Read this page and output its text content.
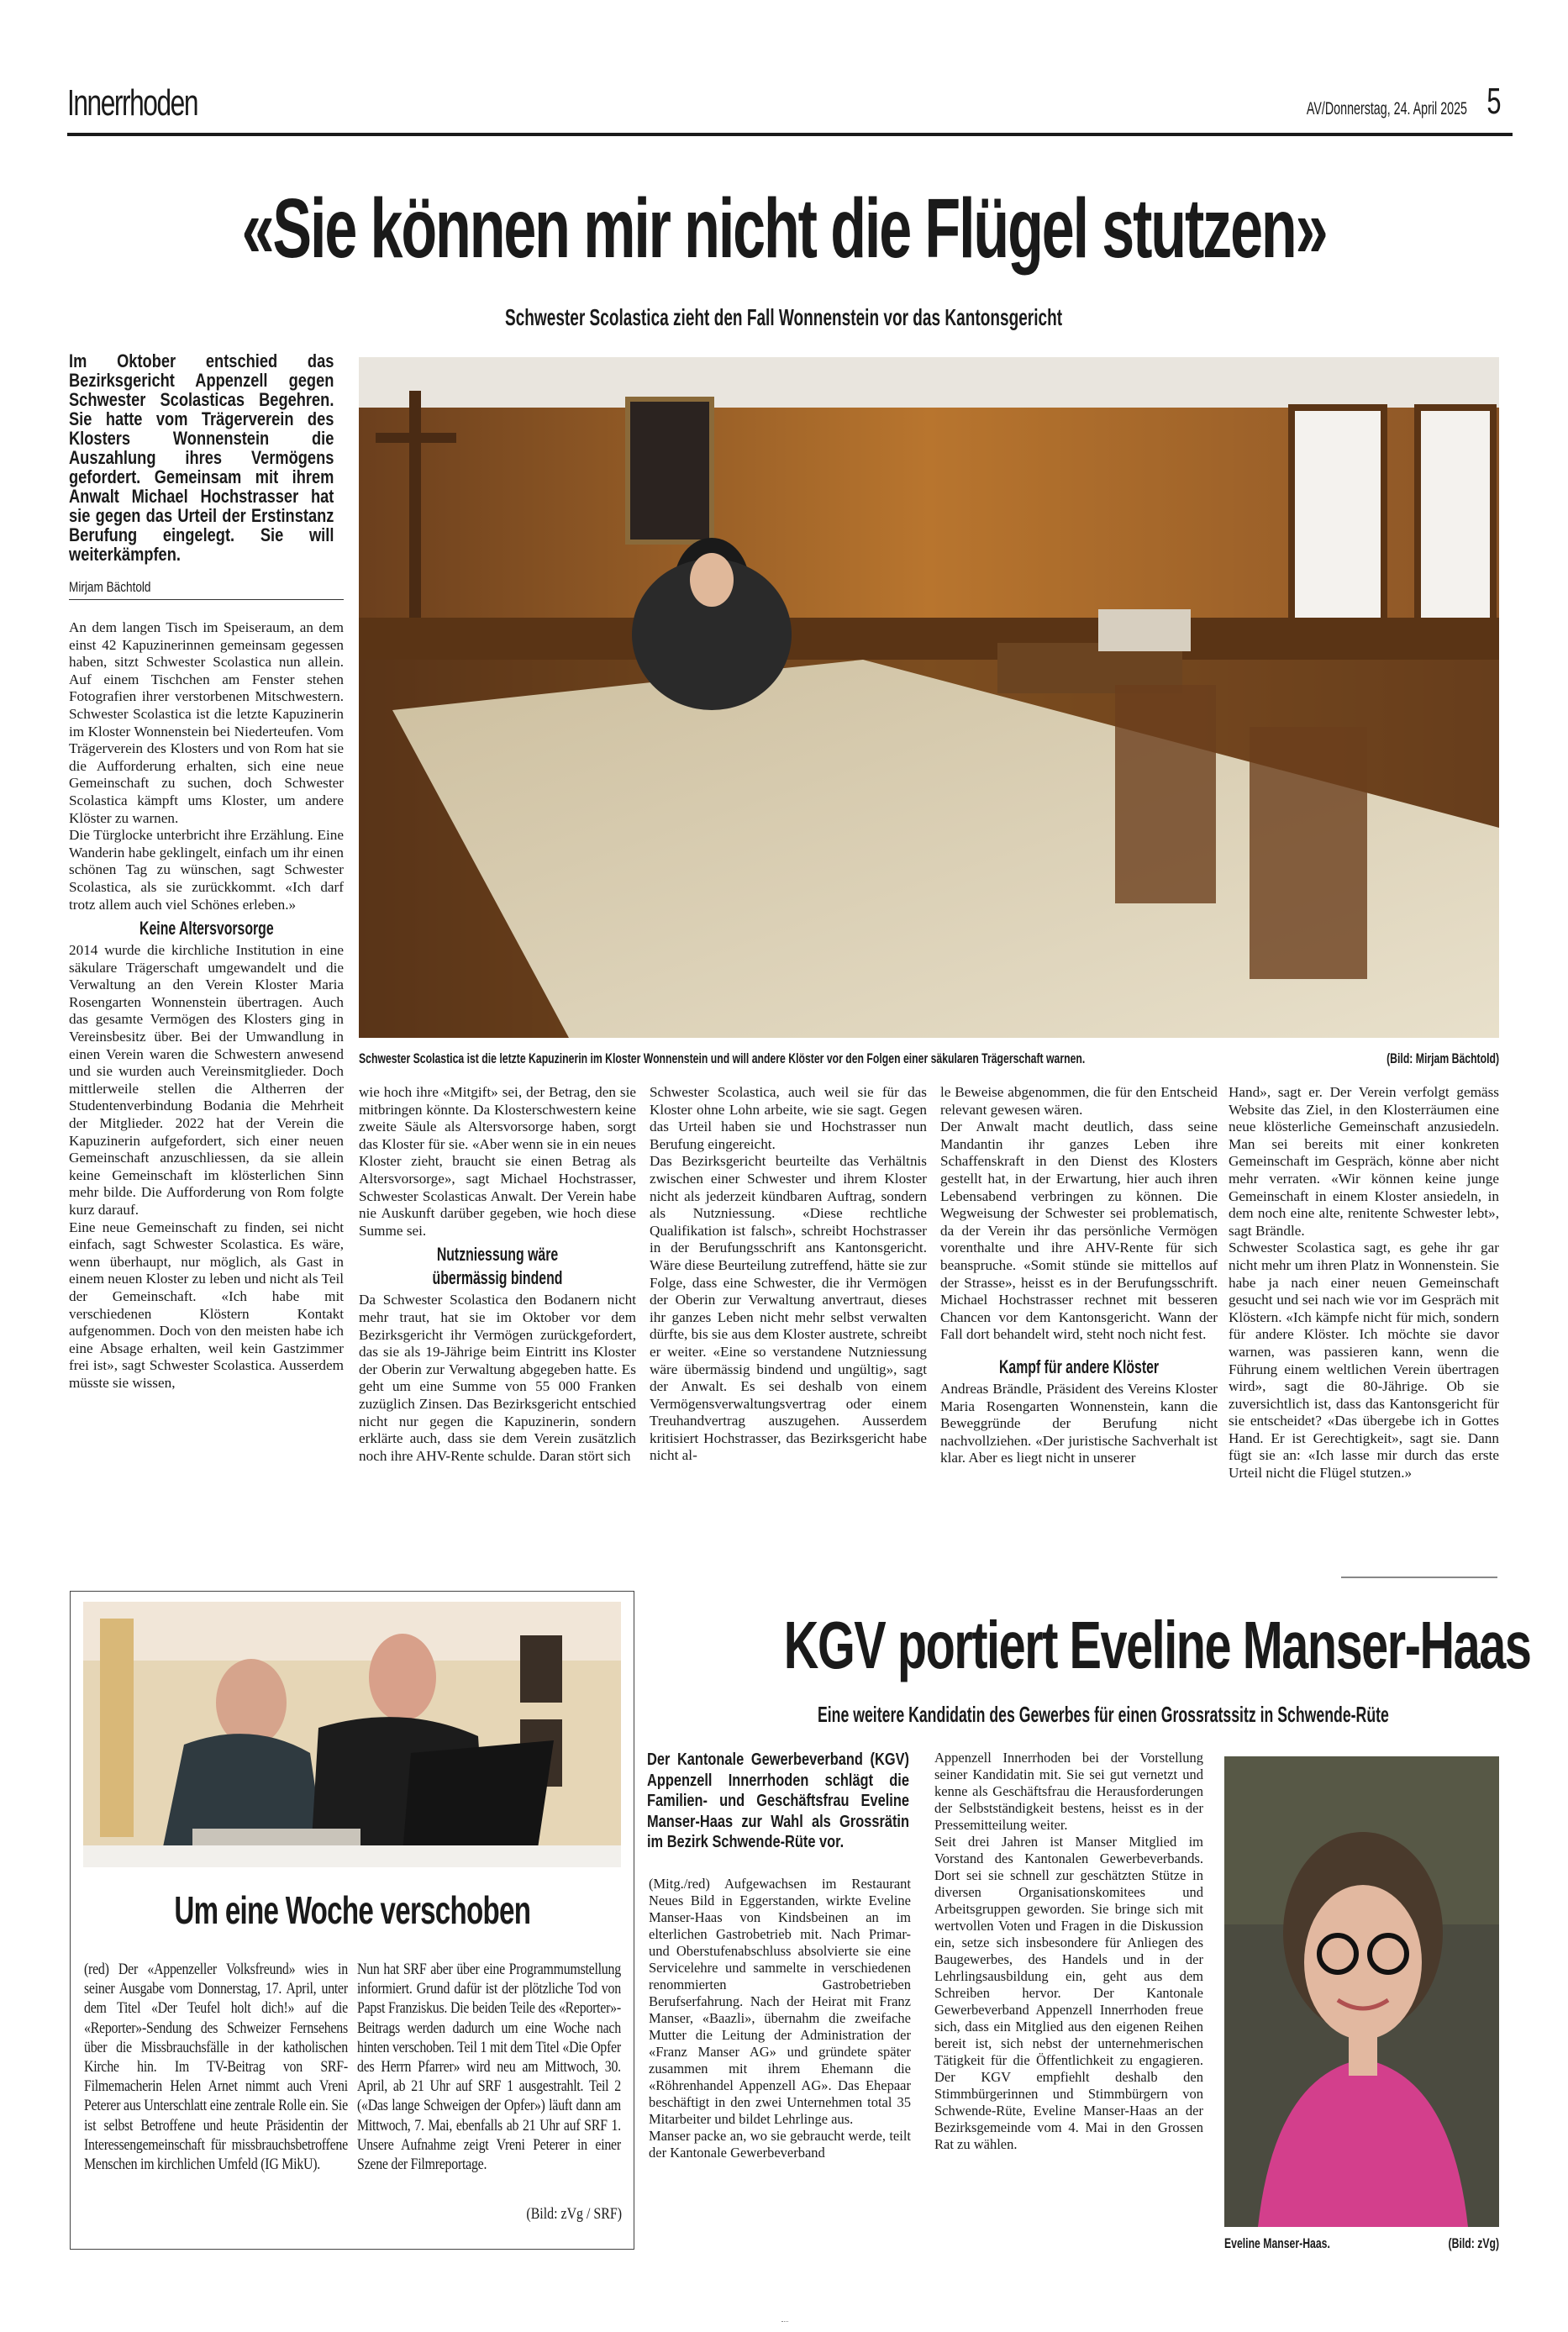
Innerrhoden	AV/Donnerstag, 24. April 2025 5
«Sie können mir nicht die Flügel stutzen»
Schwester Scolastica zieht den Fall Wonnenstein vor das Kantonsgericht

Im Oktober entschied das Bezirksgericht Appenzell gegen Schwester Scolasticas Begehren. Sie hatte vom Trägerverein des Klosters Wonnenstein die Auszahlung ihres Vermögens gefordert. Gemeinsam mit ihrem Anwalt Michael Hochstrasser hat sie gegen das Urteil der Erstinstanz Berufung eingelegt. Sie will weiterkämpfen.

Mirjam Bächtold
Schwester Scolastica ist die letzte Kapuzinerin im Kloster Wonnenstein und will andere Klöster vor den Folgen einer säkularen Trägerschaft warnen.	(Bild: Mirjam Bächtold)

An dem langen Tisch im Speiseraum, an dem einst 42 Kapuzinerinnen gemeinsam gegessen haben, sitzt Schwester Scolastica nun allein. Auf einem Tischchen am Fenster stehen Fotografien ihrer verstorbenen Mitschwestern. Schwester Scolastica ist die letzte Kapuzinerin im Kloster Wonnenstein bei Niederteufen. Vom Trägerverein des Klosters und von Rom hat sie die Aufforderung erhalten, sich eine neue Gemeinschaft zu suchen, doch Schwester Scolastica kämpft ums Kloster, um andere Klöster zu warnen.

Die Türglocke unterbricht ihre Erzählung. Eine Wanderin habe geklingelt, einfach um ihr einen schönen Tag zu wünschen, sagt Schwester Scolastica, als sie zurückkommt. «Ich darf trotz allem auch viel Schönes erleben.»

Keine Altersvorsorge

2014 wurde die kirchliche Institution in eine säkulare Trägerschaft umgewandelt und die Verwaltung an den Verein Kloster Maria Rosengarten Wonnenstein übertragen. Auch das gesamte Vermögen des Klosters ging in Vereinsbesitz über. Bei der Umwandlung in einen Verein waren die Schwestern anwesend und sie wurden auch Vereinsmitglieder. Doch mittlerweile stellen die Altherren der Studentenverbindung Bodania die Mehrheit der Mitglieder. 2022 hat der Verein die Kapuzinerin aufgefordert, sich einer neuen Gemeinschaft anzuschliessen, da sie allein keine Gemeinschaft im klösterlichen Sinn mehr bilde. Die Aufforderung von Rom folgte kurz darauf.

Eine neue Gemeinschaft zu finden, sei nicht einfach, sagt Schwester Scolastica. Es wäre, wenn überhaupt, nur möglich, als Gast in einem neuen Kloster zu leben und nicht als Teil der Gemeinschaft. «Ich habe mit verschiedenen Klöstern Kontakt aufgenommen. Doch von den meisten habe ich eine Absage erhalten, weil kein Gastzimmer frei ist», sagt Schwester Scolastica. Ausserdem müsste sie wissen,

wie hoch ihre «Mitgift» sei, der Betrag, den sie mitbringen könnte. Da Klosterschwestern keine zweite Säule als Altersvorsorge haben, sorgt das Kloster für sie. «Aber wenn sie in ein neues Kloster zieht, braucht sie einen Betrag als Altersvorsorge», sagt Michael Hochstrasser, Schwester Scolasticas Anwalt. Der Verein habe nie Auskunft darüber gegeben, wie hoch diese Summe sei.

Nutzniessung wäre übermässig bindend

Da Schwester Scolastica den Bodanern nicht mehr traut, hat sie im Oktober vor dem Bezirksgericht ihr Vermögen zurückgefordert, das sie als 19-Jährige beim Eintritt ins Kloster der Oberin zur Verwaltung abgegeben hatte. Es geht um eine Summe von 55 000 Franken zuzüglich Zinsen. Das Bezirksgericht entschied nicht nur gegen die Kapuzinerin, sondern erklärte auch, dass sie dem Verein zusätzlich noch ihre AHV-Rente schulde. Daran stört sich

Schwester Scolastica, auch weil sie für das Kloster ohne Lohn arbeite, wie sie sagt. Gegen das Urteil haben sie und Hochstrasser nun Berufung eingereicht.

Das Bezirksgericht beurteilte das Verhältnis zwischen einer Schwester und ihrem Kloster nicht als jederzeit kündbaren Auftrag, sondern als Nutzniessung. «Diese rechtliche Qualifikation ist falsch», schreibt Hochstrasser in der Berufungsschrift ans Kantonsgericht. Wäre diese Beurteilung zutreffend, hätte sie zur Folge, dass eine Schwester, die ihr Vermögen der Oberin zur Verwaltung anvertraut, dieses ihr ganzes Leben nicht mehr selbst verwalten dürfte, bis sie aus dem Kloster austrete, schreibt er weiter. «Eine so verstandene Nutzniessung wäre übermässig bindend und ungültig», sagt der Anwalt. Es sei deshalb von einem Vermögensverwaltungsvertrag oder einem Treuhandvertrag auszugehen. Ausserdem kritisiert Hochstrasser, das Bezirksgericht habe nicht al-

le Beweise abgenommen, die für den Entscheid relevant gewesen wären.

Der Anwalt macht deutlich, dass seine Mandantin ihr ganzes Leben ihre Schaffenskraft in den Dienst des Klosters gestellt hat, in der Erwartung, hier auch ihren Lebensabend verbringen zu können. Die Wegweisung der Schwester sei problematisch, da der Verein ihr das persönliche Vermögen vorenthalte und ihre AHV-Rente für sich beanspruche. «Somit stünde sie mittellos auf der Strasse», heisst es in der Berufungsschrift. Michael Hochstrasser rechnet mit besseren Chancen vor dem Kantonsgericht. Wann der Fall dort behandelt wird, steht noch nicht fest.

Kampf für andere Klöster

Andreas Brändle, Präsident des Vereins Kloster Maria Rosengarten Wonnenstein, kann die Beweggründe der Berufung nicht nachvollziehen. «Der juristische Sachverhalt ist klar. Aber es liegt nicht in unserer

Hand», sagt er. Der Verein verfolgt gemäss Website das Ziel, in den Klosterräumen eine neue klösterliche Gemeinschaft anzusiedeln. Man sei bereits mit einer konkreten Gemeinschaft im Gespräch, könne aber nicht mehr verraten. «Wir können keine junge Gemeinschaft in einem Kloster ansiedeln, in dem noch eine alte, renitente Schwester lebt», sagt Brändle.

Schwester Scolastica sagt, es gehe ihr gar nicht mehr um ihren Platz in Wonnenstein. Sie habe ja nach einer neuen Gemeinschaft gesucht und sei nach wie vor im Gespräch mit Klöstern. «Ich kämpfe nicht für mich, sondern für andere Klöster. Ich möchte sie davor warnen, was passieren kann, wenn die Führung einem weltlichen Verein übertragen wird», sagt die 80-Jährige. Ob sie zuversichtlich ist, dass das Kantonsgericht für sie entscheidet? «Das übergebe ich in Gottes Hand. Er ist Gerechtigkeit», sagt sie. Dann fügt sie an: «Ich lasse mir durch das erste Urteil nicht die Flügel stutzen.»

Um eine Woche verschoben

(red) Der «Appenzeller Volksfreund» wies in seiner Ausgabe vom Donnerstag, 17. April, unter dem Titel «Der Teufel holt dich!» auf die «Reporter»-Sendung des Schweizer Fernsehens über die Missbrauchsfälle in der katholischen Kirche hin. Im TV-Beitrag von SRF-Filmemacherin Helen Arnet nimmt auch Vreni Peterer aus Unterschlatt eine zentrale Rolle ein. Sie ist selbst Betroffene und heute Präsidentin der Interessengemeinschaft für missbrauchsbetroffene Menschen im kirchlichen Umfeld (IG MikU).

Nun hat SRF aber über eine Programmumstellung informiert. Grund dafür ist der plötzliche Tod von Papst Franziskus. Die beiden Teile des «Reporter»-Beitrags werden dadurch um eine Woche nach hinten verschoben. Teil 1 mit dem Titel «Die Opfer des Herrn Pfarrer» wird neu am Mittwoch, 30. April, ab 21 Uhr auf SRF 1 ausgestrahlt. Teil 2 («Das lange Schweigen der Opfer») läuft dann am Mittwoch, 7. Mai, ebenfalls ab 21 Uhr auf SRF 1. Unsere Aufnahme zeigt Vreni Peterer in einer Szene der Filmreportage.

(Bild: zVg / SRF)
KGV portiert Eveline Manser-Haas
Eine weitere Kandidatin des Gewerbes für einen Grossratssitz in Schwende-Rüte

Der Kantonale Gewerbeverband (KGV) Appenzell Innerrhoden schlägt die Familien- und Geschäftsfrau Eveline Manser-Haas zur Wahl als Grossrätin im Bezirk Schwende-Rüte vor.

(Mitg./red) Aufgewachsen im Restaurant Neues Bild in Eggerstanden, wirkte Eveline Manser-Haas von Kindsbeinen an im elterlichen Gastrobetrieb mit. Nach Primar- und Oberstufenabschluss absolvierte sie eine Servicelehre und sammelte in verschiedenen renommierten Gastrobetrieben Berufserfahrung. Nach der Heirat mit Franz Manser, «Baazli», übernahm die zweifache Mutter die Leitung der Administration der «Franz Manser AG» und gründete später zusammen mit ihrem Ehemann die «Röhrenhandel Appenzell AG». Das Ehepaar beschäftigt in den zwei Unternehmen total 35 Mitarbeiter und bildet Lehrlinge aus.

Manser packe an, wo sie gebraucht werde, teilt der Kantonale Gewerbeverband

Appenzell Innerrhoden bei der Vorstellung seiner Kandidatin mit. Sie sei gut vernetzt und kenne als Geschäftsfrau die Herausforderungen der Selbstständigkeit bestens, heisst es in der Pressemitteilung weiter.

Seit drei Jahren ist Manser Mitglied im Vorstand des Kantonalen Gewerbeverbands. Dort sei sie schnell zur geschätzten Stütze in diversen Organisationskomitees und Arbeitsgruppen geworden. Sie bringe sich mit wertvollen Voten und Fragen in die Diskussion ein, setze sich insbesondere für Anliegen des Baugewerbes, des Handels und in der Lehrlingsausbildung ein, geht aus dem Schreiben hervor. Der Kantonale Gewerbeverband Appenzell Innerrhoden freue sich, dass ein Mitglied aus den eigenen Reihen bereit ist, sich nebst der unternehmerischen Tätigkeit für die Öffentlichkeit zu engagieren. Der KGV empfiehlt deshalb den Stimmbürgerinnen und Stimmbürgern von Schwende-Rüte, Eveline Manser-Haas an der Bezirksgemeinde vom 4. Mai in den Grossen Rat zu wählen.

Eveline Manser-Haas.	(Bild: zVg)
